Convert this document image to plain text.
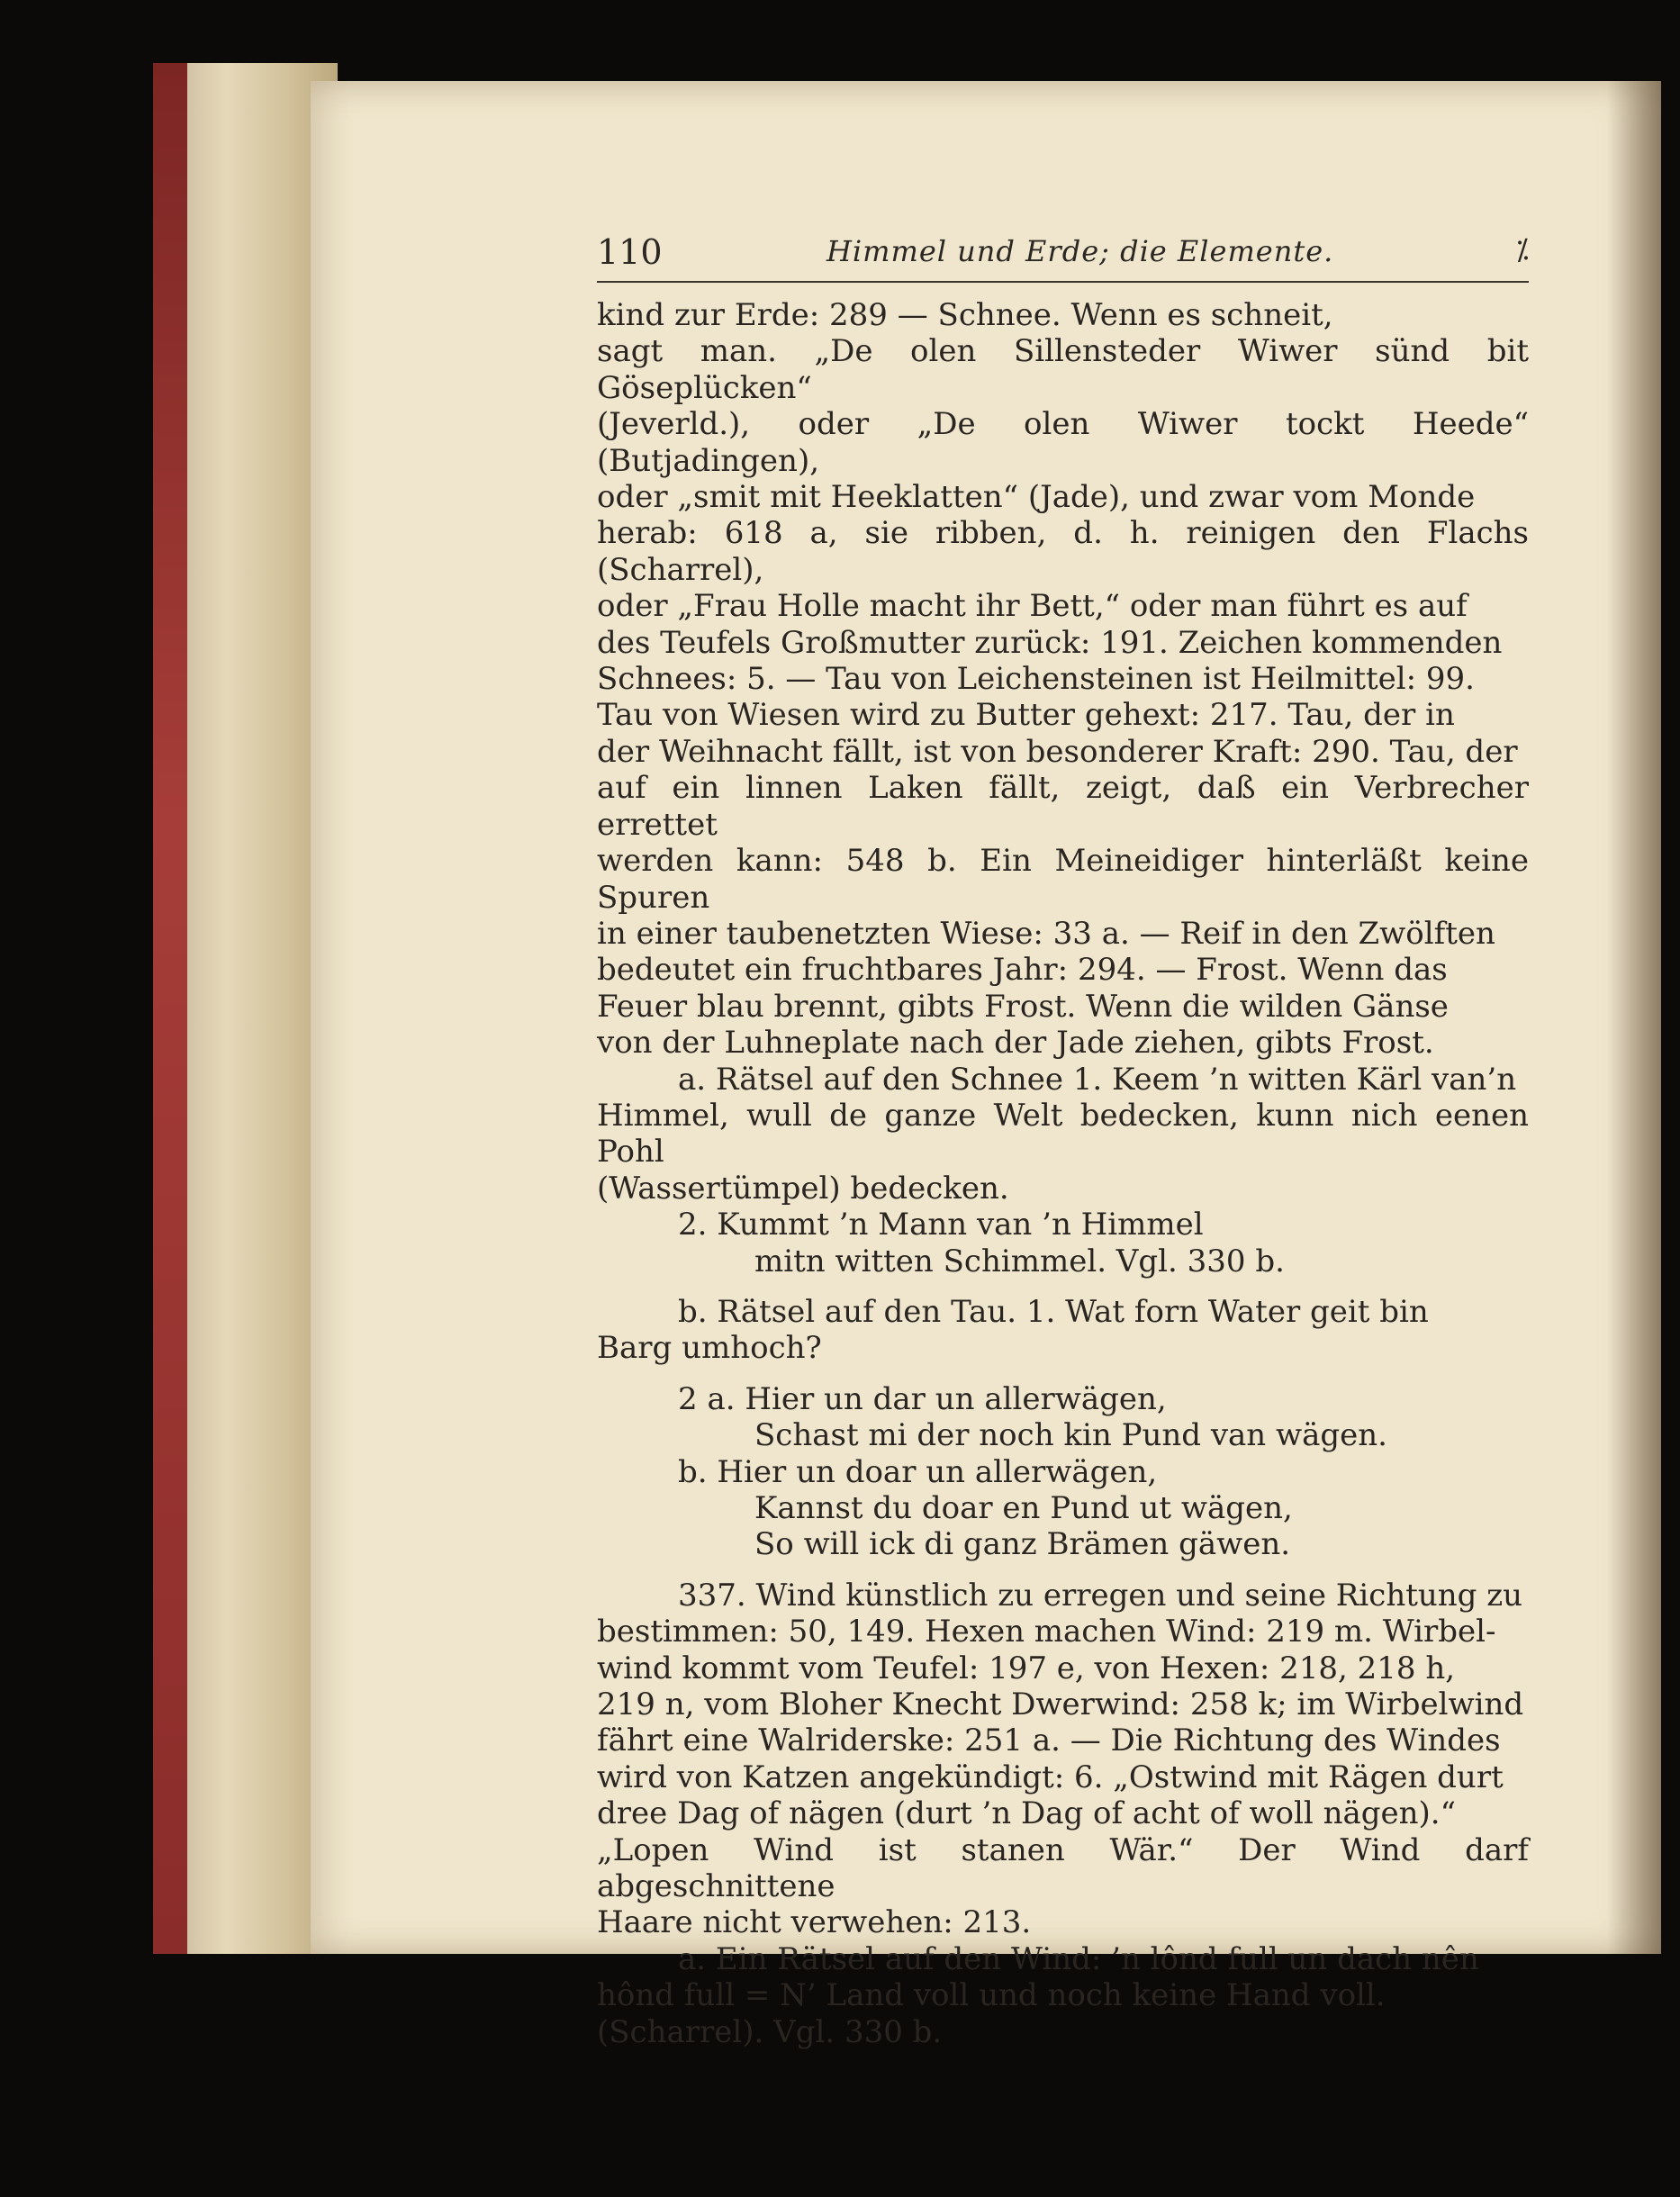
110	Himmel und Erde; die Elemente.	⁒

kind zur Erde: 289 — Schnee. Wenn es schneit,

sagt man. „De olen Sillensteder Wiwer sünd bit Göseplücken“

(Jeverld.), oder „De olen Wiwer tockt Heede“ (Butjadingen),

oder „smit mit Heeklatten“ (Jade), und zwar vom Monde

herab: 618 a, sie ribben, d. h. reinigen den Flachs (Scharrel),

oder „Frau Holle macht ihr Bett,“ oder man führt es auf

des Teufels Großmutter zurück: 191. Zeichen kommenden

Schnees: 5. — Tau von Leichensteinen ist Heilmittel: 99.

Tau von Wiesen wird zu Butter gehext: 217. Tau, der in

der Weihnacht fällt, ist von besonderer Kraft: 290. Tau, der

auf ein linnen Laken fällt, zeigt, daß ein Verbrecher errettet

werden kann: 548 b. Ein Meineidiger hinterläßt keine Spuren

in einer taubenetzten Wiese: 33 a. — Reif in den Zwölften

bedeutet ein fruchtbares Jahr: 294. — Frost. Wenn das

Feuer blau brennt, gibts Frost. Wenn die wilden Gänse

von der Luhneplate nach der Jade ziehen, gibts Frost.

a. Rätsel auf den Schnee 1. Keem ’n witten Kärl van’n

Himmel, wull de ganze Welt bedecken, kunn nich eenen Pohl

(Wassertümpel) bedecken.

2. Kummt ’n Mann van ’n Himmel

mitn witten Schimmel. Vgl. 330 b.

b. Rätsel auf den Tau. 1. Wat forn Water geit bin

Barg umhoch?

2 a. Hier un dar un allerwägen,

Schast mi der noch kin Pund van wägen.

b. Hier un doar un allerwägen,

Kannst du doar en Pund ut wägen,

So will ick di ganz Brämen gäwen.

337. Wind künstlich zu erregen und seine Richtung zu

bestimmen: 50, 149. Hexen machen Wind: 219 m. Wirbel-

wind kommt vom Teufel: 197 e, von Hexen: 218, 218 h,

219 n, vom Bloher Knecht Dwerwind: 258 k; im Wirbelwind

fährt eine Walriderske: 251 a. — Die Richtung des Windes

wird von Katzen angekündigt: 6. „Ostwind mit Rägen durt

dree Dag of nägen (durt ’n Dag of acht of woll nägen).“

„Lopen Wind ist stanen Wär.“ Der Wind darf abgeschnittene

Haare nicht verwehen: 213.

a. Ein Rätsel auf den Wind: ’n lônd full un dach nên

hônd full = N’ Land voll und noch keine Hand voll.

(Scharrel). Vgl. 330 b.
